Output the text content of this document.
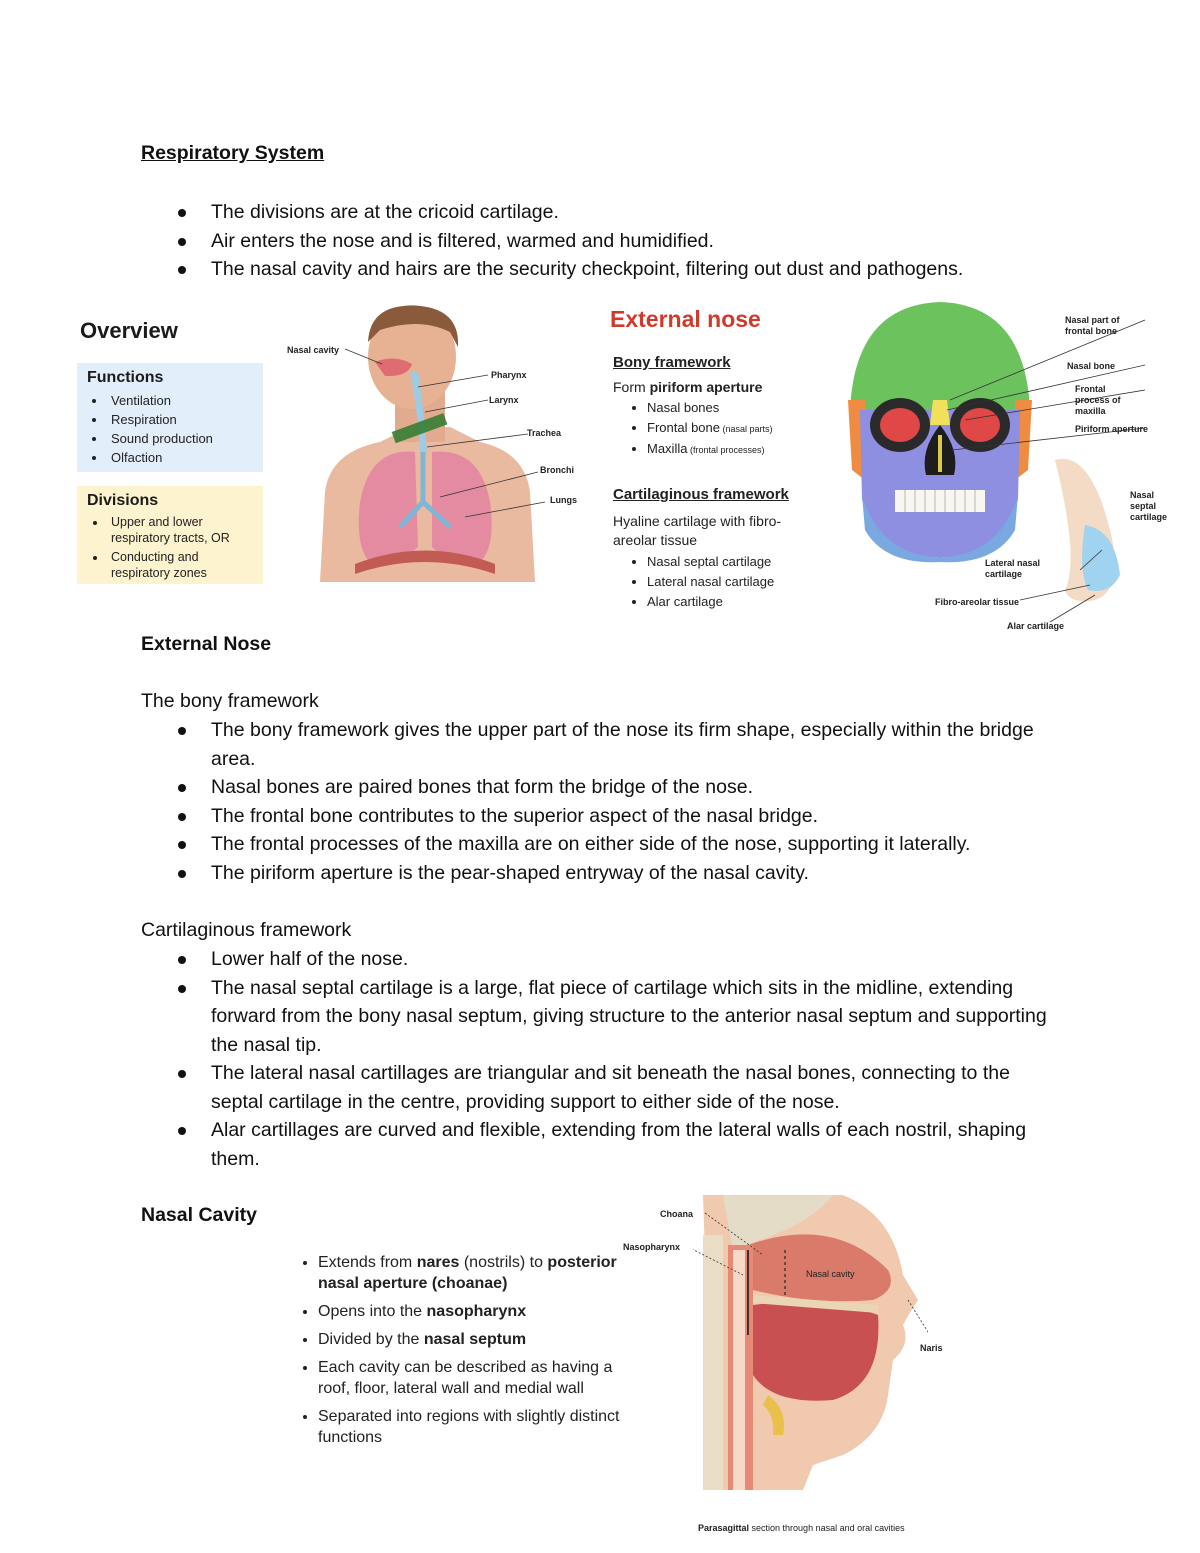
Respiratory System
The divisions are at the cricoid cartilage.
Air enters the nose and is filtered, warmed and humidified.
The nasal cavity and hairs are the security checkpoint, filtering out dust and pathogens.
Overview
Functions
• Ventilation
• Respiration
• Sound production
• Olfaction
Divisions
• Upper and lower respiratory tracts, OR
• Conducting and respiratory zones
Nasal cavity
Pharynx
Larynx
Trachea
Bronchi
Lungs
External nose
Bony framework
Form piriform aperture
• Nasal bones
• Frontal bone (nasal parts)
• Maxilla (frontal processes)
Cartilaginous framework
Hyaline cartilage with fibro-areolar tissue
• Nasal septal cartilage
• Lateral nasal cartilage
• Alar cartilage
Nasal part of frontal bone
Nasal bone
Frontal process of maxilla
Piriform aperture
Nasal septal cartilage
Lateral nasal cartilage
Fibro-areolar tissue
Alar cartilage
External Nose
The bony framework
The bony framework gives the upper part of the nose its firm shape, especially within the bridge area.
Nasal bones are paired bones that form the bridge of the nose.
The frontal bone contributes to the superior aspect of the nasal bridge.
The frontal processes of the maxilla are on either side of the nose, supporting it laterally.
The piriform aperture is the pear-shaped entryway of the nasal cavity.
Cartilaginous framework
Lower half of the nose.
The nasal septal cartilage is a large, flat piece of cartilage which sits in the midline, extending forward from the bony nasal septum, giving structure to the anterior nasal septum and supporting the nasal tip.
The lateral nasal cartillages are triangular and sit beneath the nasal bones, connecting to the septal cartilage in the centre, providing support to either side of the nose.
Alar cartillages are curved and flexible, extending from the lateral walls of each nostril, shaping them.
Nasal Cavity
• Extends from nares (nostrils) to posterior nasal aperture (choanae)
• Opens into the nasopharynx
• Divided by the nasal septum
• Each cavity can be described as having a roof, floor, lateral wall and medial wall
• Separated into regions with slightly distinct functions
Choana
Nasopharynx
Nasal cavity
Naris
Parasagittal section through nasal and oral cavities
